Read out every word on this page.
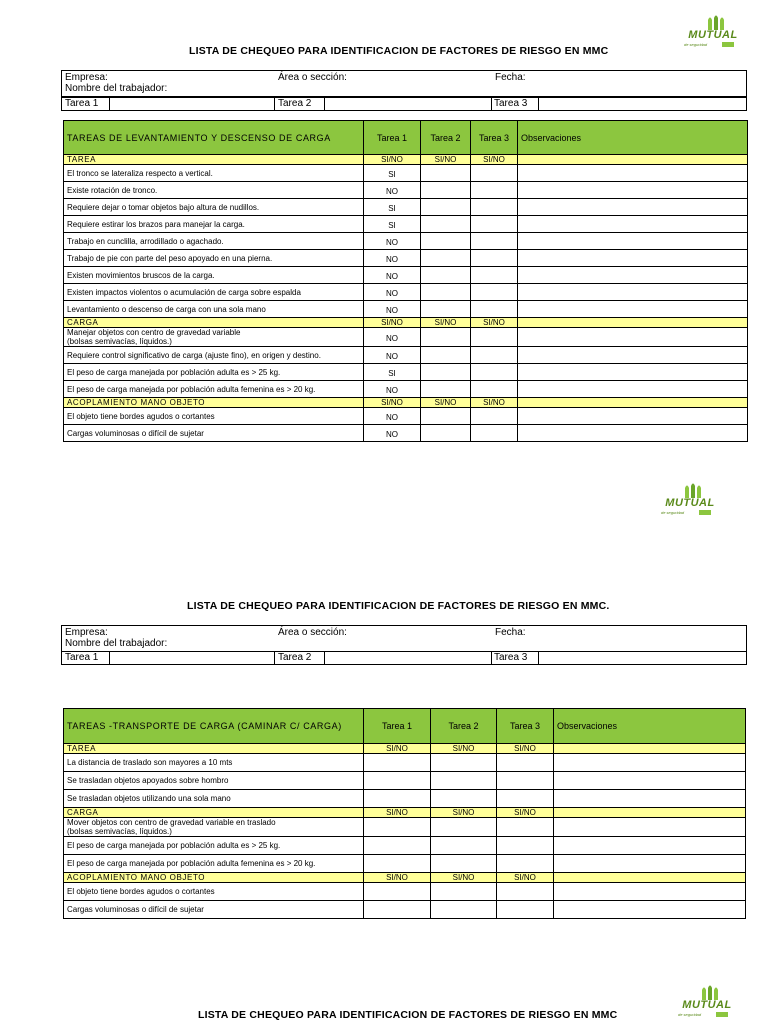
MUTUAL
de seguridad
LISTA DE CHEQUEO PARA IDENTIFICACION DE FACTORES DE RIESGO EN MMC
Empresa:	Área o sección:	Fecha:
Nombre del trabajador:
Tarea 1	Tarea 2	Tarea 3
TAREAS DE LEVANTAMIENTO Y DESCENSO DE CARGA	Tarea 1	Tarea 2	Tarea 3	Observaciones
TAREA	SI/NO	SI/NO	SI/NO	
El tronco se lateraliza respecto a vertical.	SI			
Existe rotación de tronco.	NO			
Requiere dejar o tomar objetos bajo altura de nudillos.	SI			
Requiere estirar los brazos para manejar la carga.	SI			
Trabajo en cunclilla, arrodillado o agachado.	NO			
Trabajo de pie con parte del peso apoyado en una pierna.	NO			
Existen movimientos bruscos de la carga.	NO			
Existen impactos violentos o acumulación de carga sobre espalda	NO			
Levantamiento o descenso de carga con una sola mano	NO			
CARGA	SI/NO	SI/NO	SI/NO	

Manejar objetos con centro de gravedad variable
(bolsas semivacías, líquidos.)	NO			
Requiere control significativo de carga (ajuste fino), en origen y destino.	NO			
El peso de carga manejada por población adulta es > 25 kg.	SI			
El peso de carga manejada por población adulta femenina es > 20 kg.	NO			
ACOPLAMIENTO MANO OBJETO	SI/NO	SI/NO	SI/NO	
El objeto tiene bordes agudos o cortantes	NO			
Cargas voluminosas o difícil de sujetar	NO			
MUTUAL
de seguridad
LISTA DE CHEQUEO PARA IDENTIFICACION DE FACTORES DE RIESGO EN MMC.
Empresa:	Área o sección:	Fecha:
Nombre del trabajador:
Tarea 1	Tarea 2	Tarea 3
TAREAS -TRANSPORTE DE CARGA (CAMINAR C/ CARGA)	Tarea 1	Tarea 2	Tarea 3	Observaciones
TAREA	SI/NO	SI/NO	SI/NO	
La distancia de traslado son mayores a 10 mts				
Se trasladan objetos apoyados sobre hombro				
Se trasladan objetos utilizando una sola mano				
CARGA	SI/NO	SI/NO	SI/NO	

Mover objetos con centro de gravedad variable en traslado
(bolsas semivacías, líquidos.)				

El peso de carga manejada por población adulta es > 25 kg.				
El peso de carga manejada por población adulta femenina es > 20 kg.				
ACOPLAMIENTO MANO OBJETO	SI/NO	SI/NO	SI/NO	
El objeto tiene bordes agudos o cortantes				
Cargas voluminosas o difícil de sujetar				
MUTUAL
de seguridad
LISTA DE CHEQUEO PARA IDENTIFICACION DE FACTORES DE RIESGO EN MMC
